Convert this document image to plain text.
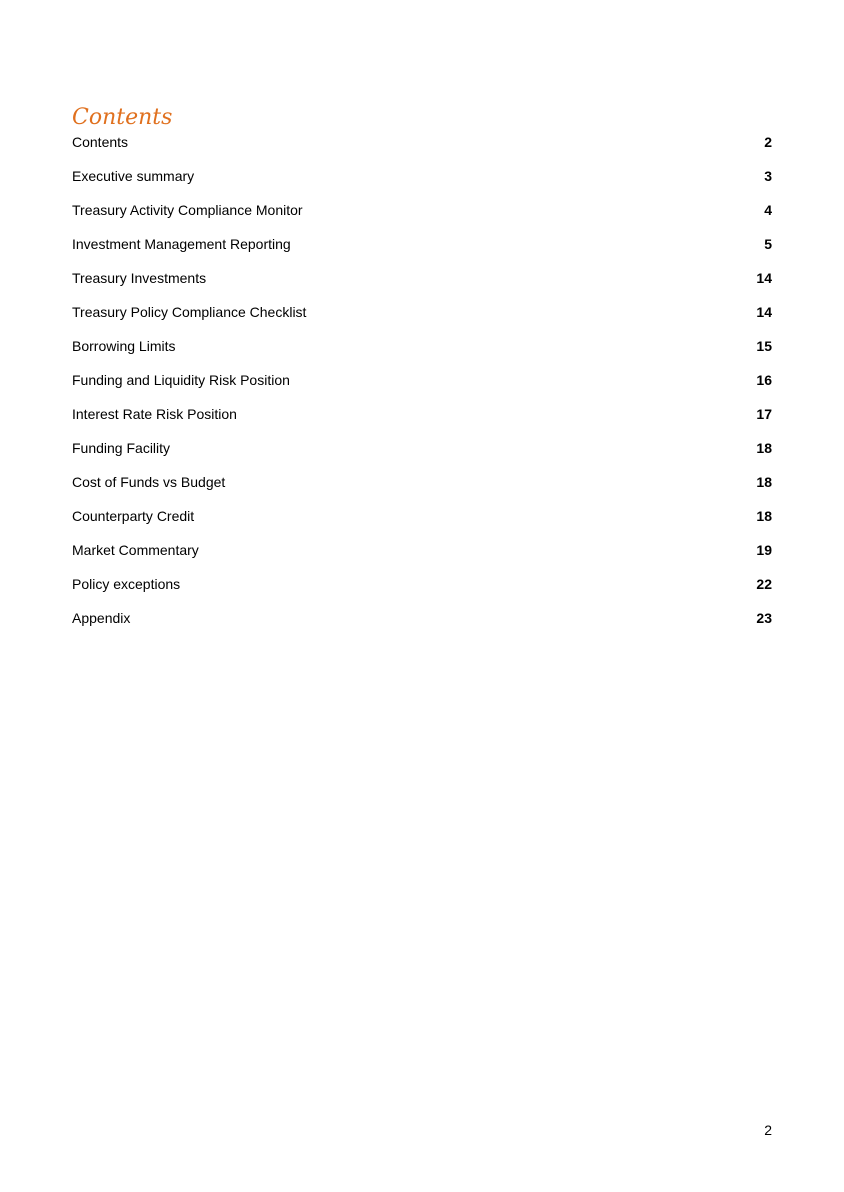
Contents
Contents	2
Executive summary	3
Treasury Activity Compliance Monitor	4
Investment Management Reporting	5
Treasury Investments	14
Treasury Policy Compliance Checklist	14
Borrowing Limits	15
Funding and Liquidity Risk Position	16
Interest Rate Risk Position	17
Funding Facility	18
Cost of Funds vs Budget	18
Counterparty Credit	18
Market Commentary	19
Policy exceptions	22
Appendix	23
2
